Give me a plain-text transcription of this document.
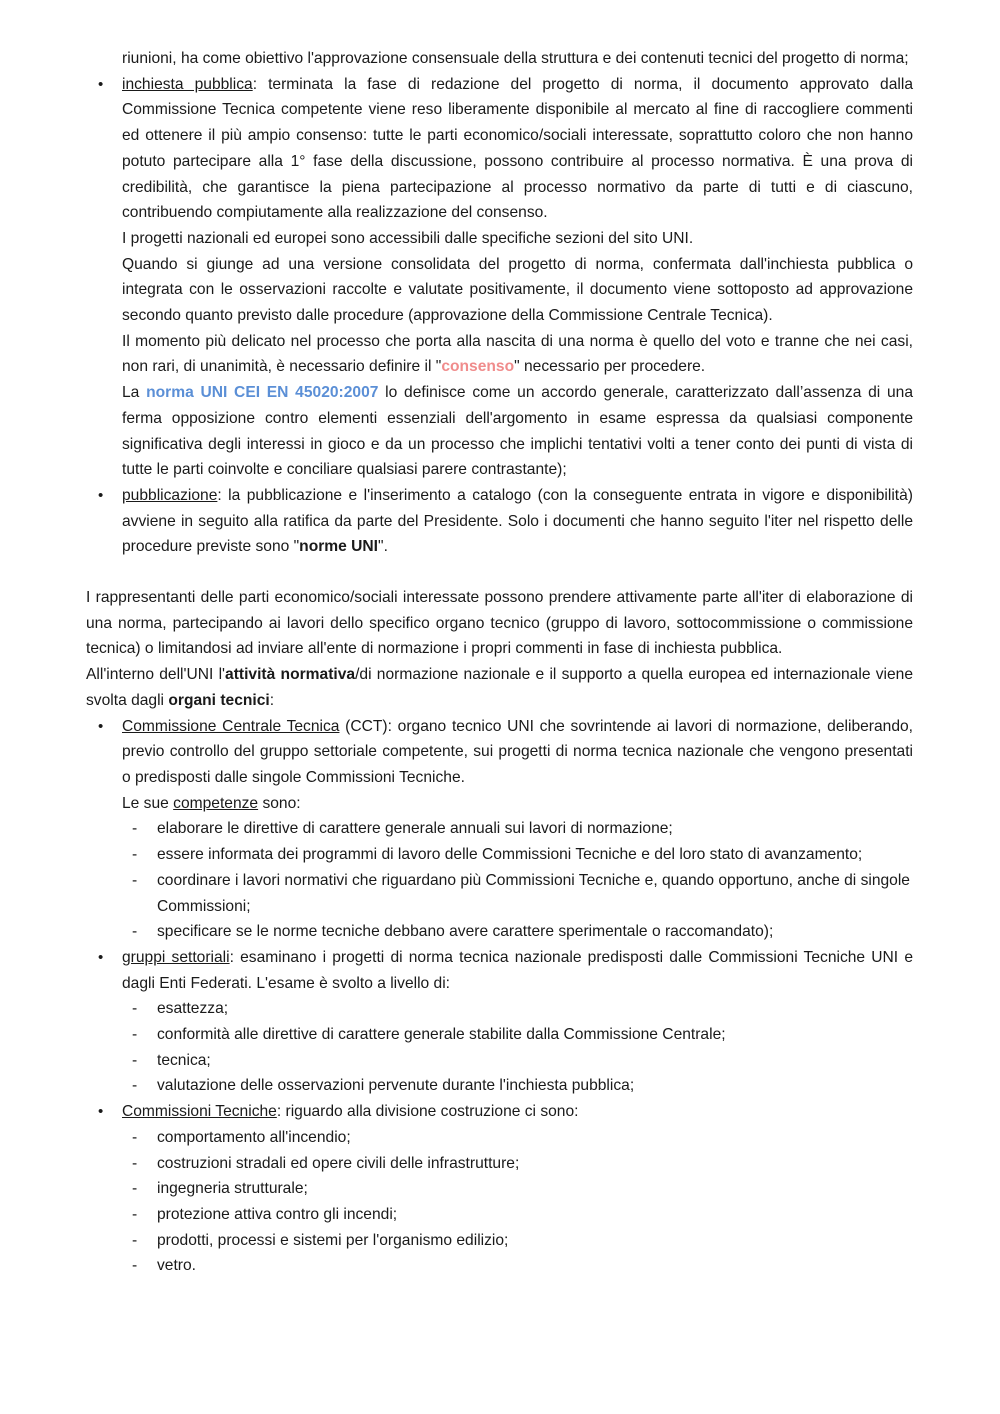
riunioni, ha come obiettivo l'approvazione consensuale della struttura e dei contenuti tecnici del progetto di norma;

• inchiesta pubblica: terminata la fase di redazione del progetto di norma, il documento approvato dalla Commissione Tecnica competente viene reso liberamente disponibile al mercato al fine di raccogliere commenti ed ottenere il più ampio consenso: tutte le parti economico/sociali interessate, soprattutto coloro che non hanno potuto partecipare alla 1° fase della discussione, possono contribuire al processo normativa. È una prova di credibilità, che garantisce la piena partecipazione al processo normativo da parte di tutti e di ciascuno, contribuendo compiutamente alla realizzazione del consenso.

I progetti nazionali ed europei sono accessibili dalle specifiche sezioni del sito UNI.

Quando si giunge ad una versione consolidata del progetto di norma, confermata dall'inchiesta pubblica o integrata con le osservazioni raccolte e valutate positivamente, il documento viene sottoposto ad approvazione secondo quanto previsto dalle procedure (approvazione della Commissione Centrale Tecnica).

Il momento più delicato nel processo che porta alla nascita di una norma è quello del voto e tranne che nei casi, non rari, di unanimità, è necessario definire il "consenso" necessario per procedere.

La norma UNI CEI EN 45020:2007 lo definisce come un accordo generale, caratterizzato dall’assenza di una ferma opposizione contro elementi essenziali dell'argomento in esame espressa da qualsiasi componente significativa degli interessi in gioco e da un processo che implichi tentativi volti a tener conto dei punti di vista di tutte le parti coinvolte e conciliare qualsiasi parere contrastante);

• pubblicazione: la pubblicazione e l'inserimento a catalogo (con la conseguente entrata in vigore e disponibilità) avviene in seguito alla ratifica da parte del Presidente. Solo i documenti che hanno seguito l'iter nel rispetto delle procedure previste sono "norme UNI".

I rappresentanti delle parti economico/sociali interessate possono prendere attivamente parte all'iter di elaborazione di una norma, partecipando ai lavori dello specifico organo tecnico (gruppo di lavoro, sottocommissione o commissione tecnica) o limitandosi ad inviare all'ente di normazione i propri commenti in fase di inchiesta pubblica.

All'interno dell'UNI l'attività normativa/di normazione nazionale e il supporto a quella europea ed internazionale viene svolta dagli organi tecnici:

• Commissione Centrale Tecnica (CCT): organo tecnico UNI che sovrintende ai lavori di normazione, deliberando, previo controllo del gruppo settoriale competente, sui progetti di norma tecnica nazionale che vengono presentati o predisposti dalle singole Commissioni Tecniche.

Le sue competenze sono:

- elaborare le direttive di carattere generale annuali sui lavori di normazione;
- essere informata dei programmi di lavoro delle Commissioni Tecniche e del loro stato di avanzamento;
- coordinare i lavori normativi che riguardano più Commissioni Tecniche e, quando opportuno, anche di singole Commissioni;
- specificare se le norme tecniche debbano avere carattere sperimentale o raccomandato);

• gruppi settoriali: esaminano i progetti di norma tecnica nazionale predisposti dalle Commissioni Tecniche UNI e dagli Enti Federati. L'esame è svolto a livello di:

- esattezza;
- conformità alle direttive di carattere generale stabilite dalla Commissione Centrale;
- tecnica;
- valutazione delle osservazioni pervenute durante l'inchiesta pubblica;

• Commissioni Tecniche: riguardo alla divisione costruzione ci sono:

- comportamento all'incendio;
- costruzioni stradali ed opere civili delle infrastrutture;
- ingegneria strutturale;
- protezione attiva contro gli incendi;
- prodotti, processi e sistemi per l'organismo edilizio;
- vetro.
